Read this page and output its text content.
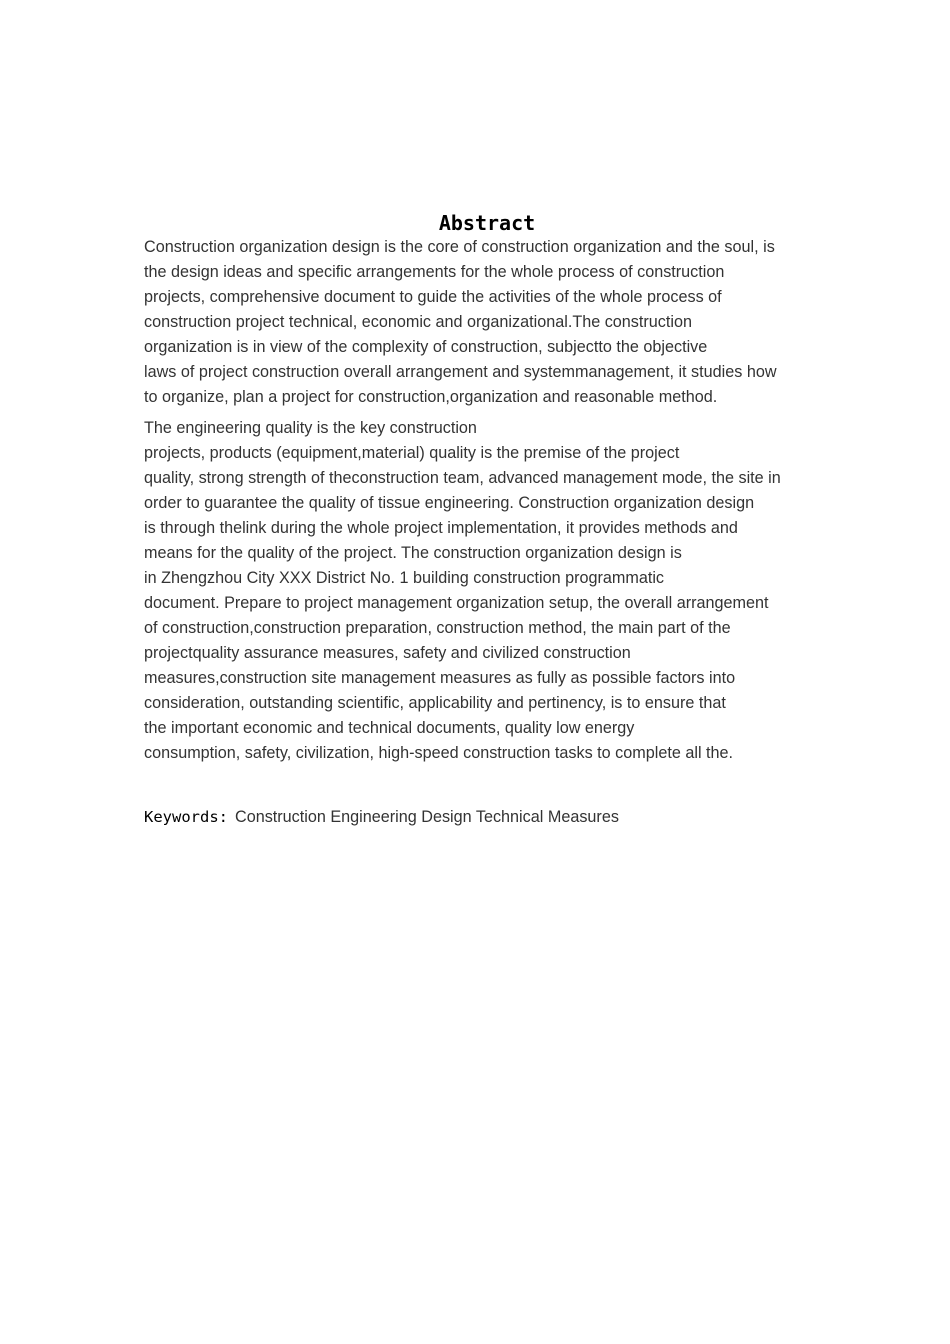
Abstract

Construction organization design is the core of construction organization and the soul, is
the design ideas and specific arrangements for the whole process of construction
projects, comprehensive document to guide the activities of the whole process of
construction project technical, economic and organizational.The construction
organization is in view of the complexity of construction, subjectto the objective
laws of project construction overall arrangement and systemmanagement, it studies how
to organize, plan a project for construction,organization and reasonable method.

The engineering quality is the key construction
projects, products (equipment,material) quality is the premise of the project
quality, strong strength of theconstruction team, advanced management mode, the site in
order to guarantee the quality of tissue engineering. Construction organization design
is through thelink during the whole project implementation, it provides methods and
means for the quality of the project. The construction organization design is
in Zhengzhou City XXX District No. 1 building construction programmatic
document. Prepare to project management organization setup, the overall arrangement
of construction,construction preparation, construction method, the main part of the
projectquality assurance measures, safety and civilized construction
measures,construction site management measures as fully as possible factors into
consideration, outstanding scientific, applicability and pertinency, is to ensure that
the important economic and technical documents, quality low energy
consumption, safety, civilization, high-speed construction tasks to complete all the.

Keywords: Construction Engineering Design Technical Measures
